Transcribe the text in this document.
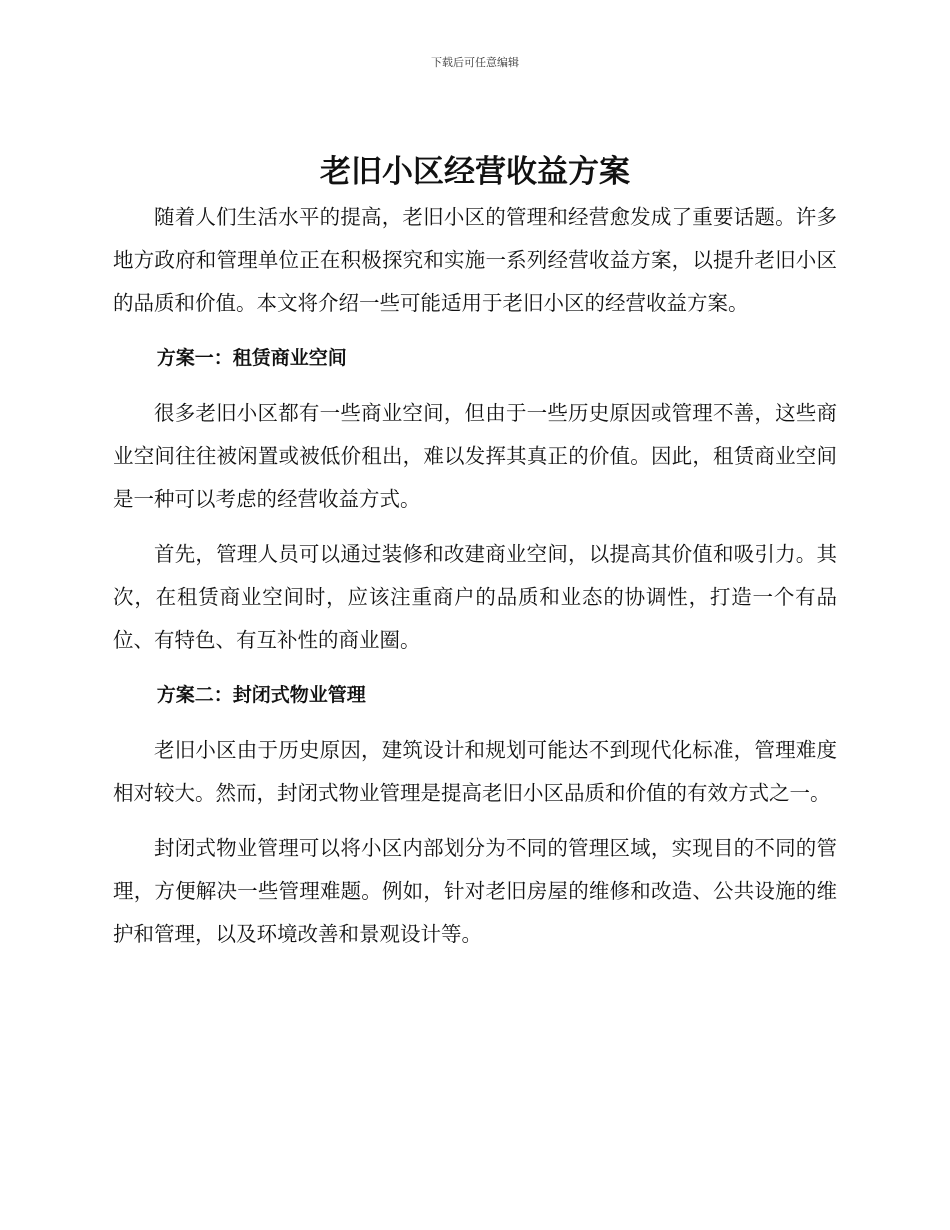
下载后可任意编辑
老旧小区经营收益方案

随着人们生活水平的提高，老旧小区的管理和经营愈发成了重要话题。许多地方政府和管理单位正在积极探究和实施一系列经营收益方案，以提升老旧小区的品质和价值。本文将介绍一些可能适用于老旧小区的经营收益方案。

方案一：租赁商业空间

很多老旧小区都有一些商业空间，但由于一些历史原因或管理不善，这些商业空间往往被闲置或被低价租出，难以发挥其真正的价值。因此，租赁商业空间是一种可以考虑的经营收益方式。

首先，管理人员可以通过装修和改建商业空间，以提高其价值和吸引力。其次，在租赁商业空间时，应该注重商户的品质和业态的协调性，打造一个有品位、有特色、有互补性的商业圈。

方案二：封闭式物业管理

老旧小区由于历史原因，建筑设计和规划可能达不到现代化标准，管理难度相对较大。然而，封闭式物业管理是提高老旧小区品质和价值的有效方式之一。

封闭式物业管理可以将小区内部划分为不同的管理区域，实现目的不同的管理，方便解决一些管理难题。例如，针对老旧房屋的维修和改造、公共设施的维护和管理，以及环境改善和景观设计等。
